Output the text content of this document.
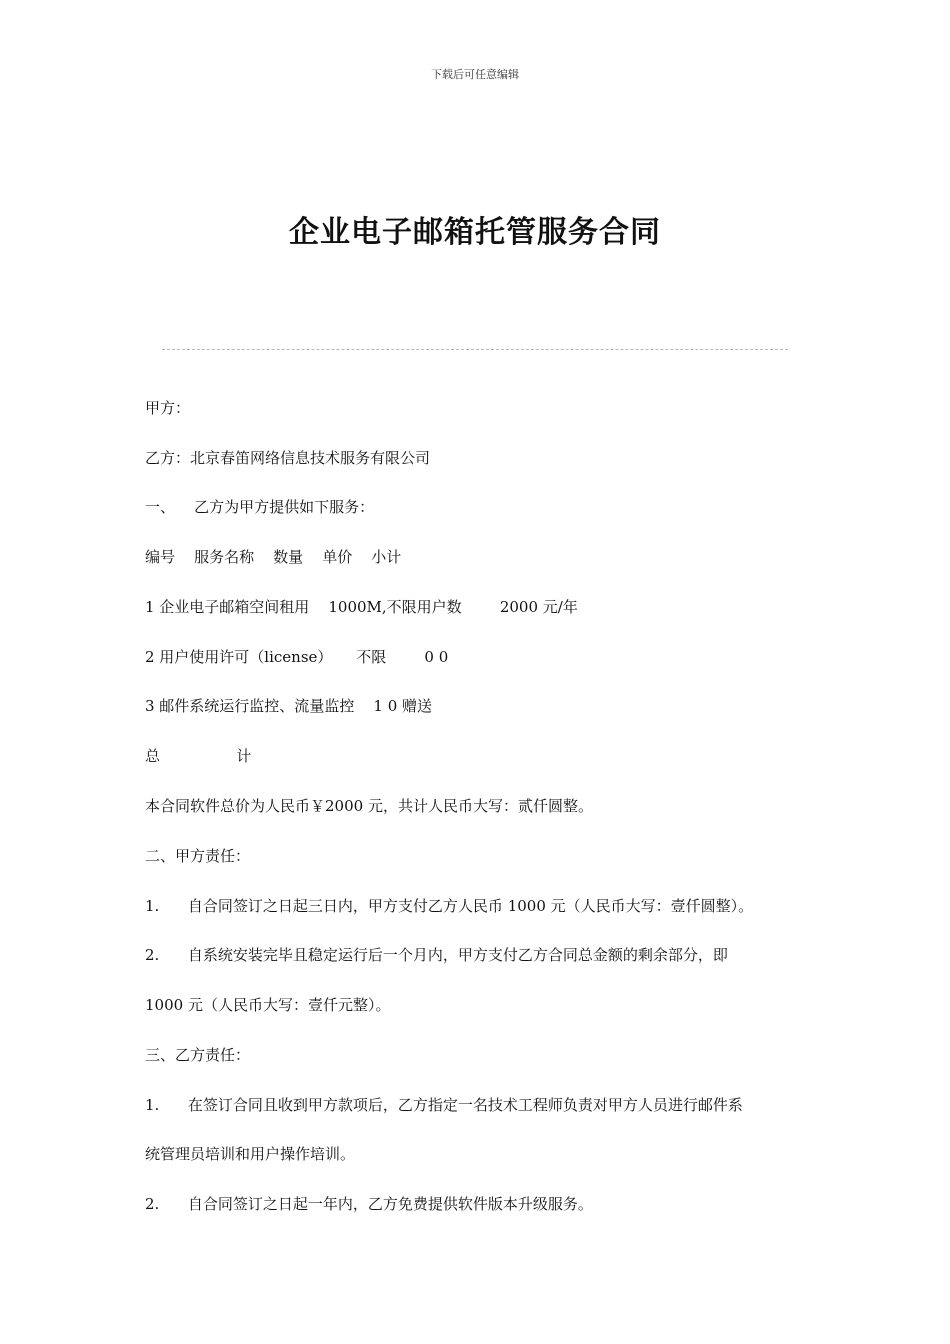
下载后可任意编辑
企业电子邮箱托管服务合同
甲方：
乙方：北京春笛网络信息技术服务有限公司
一、    乙方为甲方提供如下服务：
编号    服务名称    数量    单价    小计
1 企业电子邮箱空间租用    1000M,不限用户数        2000 元/年
2 用户使用许可（license）     不限        0 0
3 邮件系统运行监控、流量监控    1 0 赠送
总                计
本合同软件总价为人民币￥2000 元，共计人民币大写：贰仟圆整。
二、甲方责任：
1.      自合同签订之日起三日内，甲方支付乙方人民币 1000 元（人民币大写：壹仟圆整）。
2.      自系统安装完毕且稳定运行后一个月内，甲方支付乙方合同总金额的剩余部分，即
1000 元（人民币大写：壹仟元整）。
三、乙方责任：
1.      在签订合同且收到甲方款项后，乙方指定一名技术工程师负责对甲方人员进行邮件系
统管理员培训和用户操作培训。
2.      自合同签订之日起一年内，乙方免费提供软件版本升级服务。
